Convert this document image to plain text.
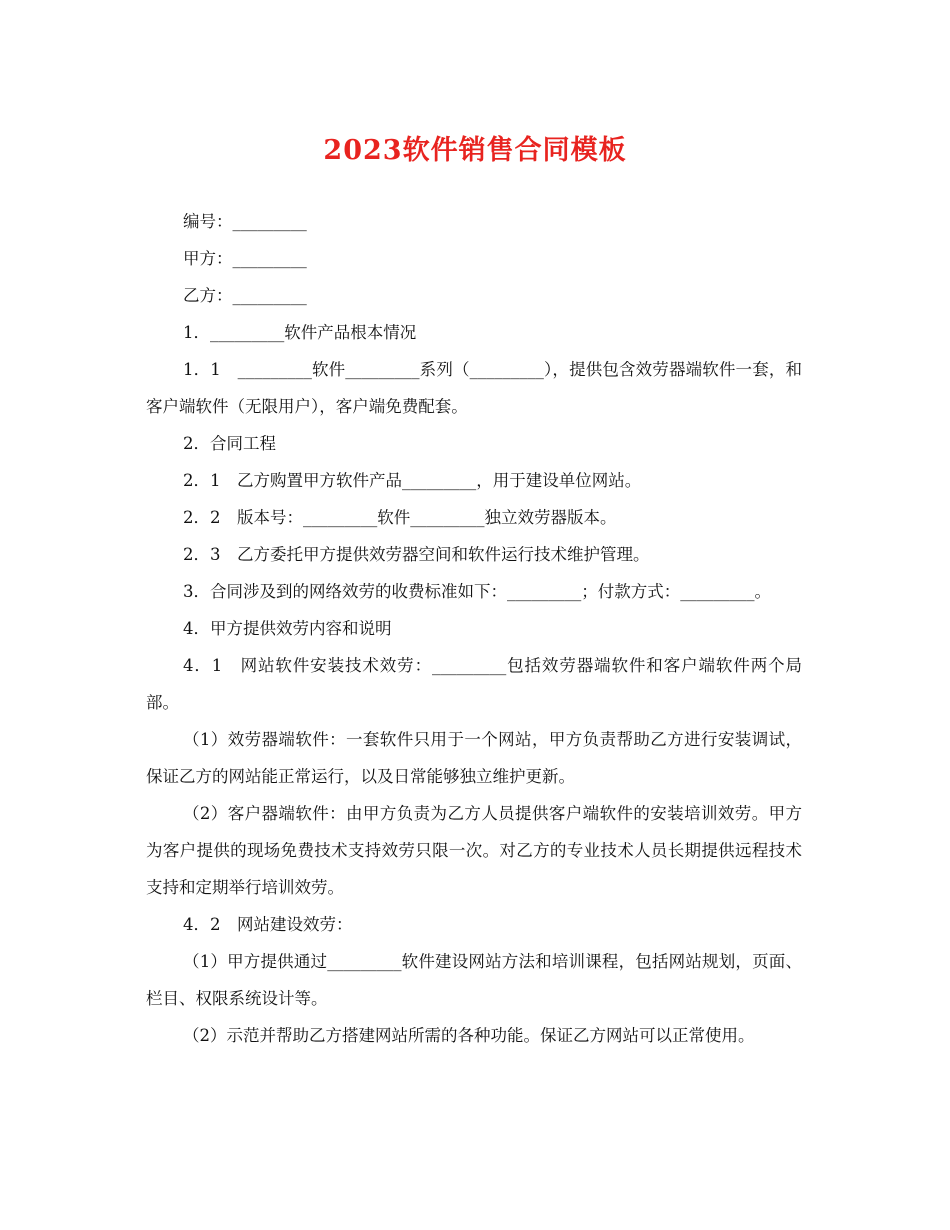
2023软件销售合同模板

编号：_________

甲方：_________

乙方：_________

1．_________软件产品根本情况

1．1　_________软件_________系列（_________），提供包含效劳器端软件一套，和客户端软件（无限用户），客户端免费配套。

2．合同工程

2．1　乙方购置甲方软件产品_________，用于建设单位网站。

2．2　版本号：_________软件_________独立效劳器版本。

2．3　乙方委托甲方提供效劳器空间和软件运行技术维护管理。

3．合同涉及到的网络效劳的收费标准如下：_________；付款方式：_________。

4．甲方提供效劳内容和说明

4．1　网站软件安装技术效劳：_________包括效劳器端软件和客户端软件两个局部。

（1）效劳器端软件：一套软件只用于一个网站，甲方负责帮助乙方进行安装调试，保证乙方的网站能正常运行，以及日常能够独立维护更新。

（2）客户器端软件：由甲方负责为乙方人员提供客户端软件的安装培训效劳。甲方为客户提供的现场免费技术支持效劳只限一次。对乙方的专业技术人员长期提供远程技术支持和定期举行培训效劳。

4．2　网站建设效劳：

（1）甲方提供通过_________软件建设网站方法和培训课程，包括网站规划，页面、栏目、权限系统设计等。

（2）示范并帮助乙方搭建网站所需的各种功能。保证乙方网站可以正常使用。
